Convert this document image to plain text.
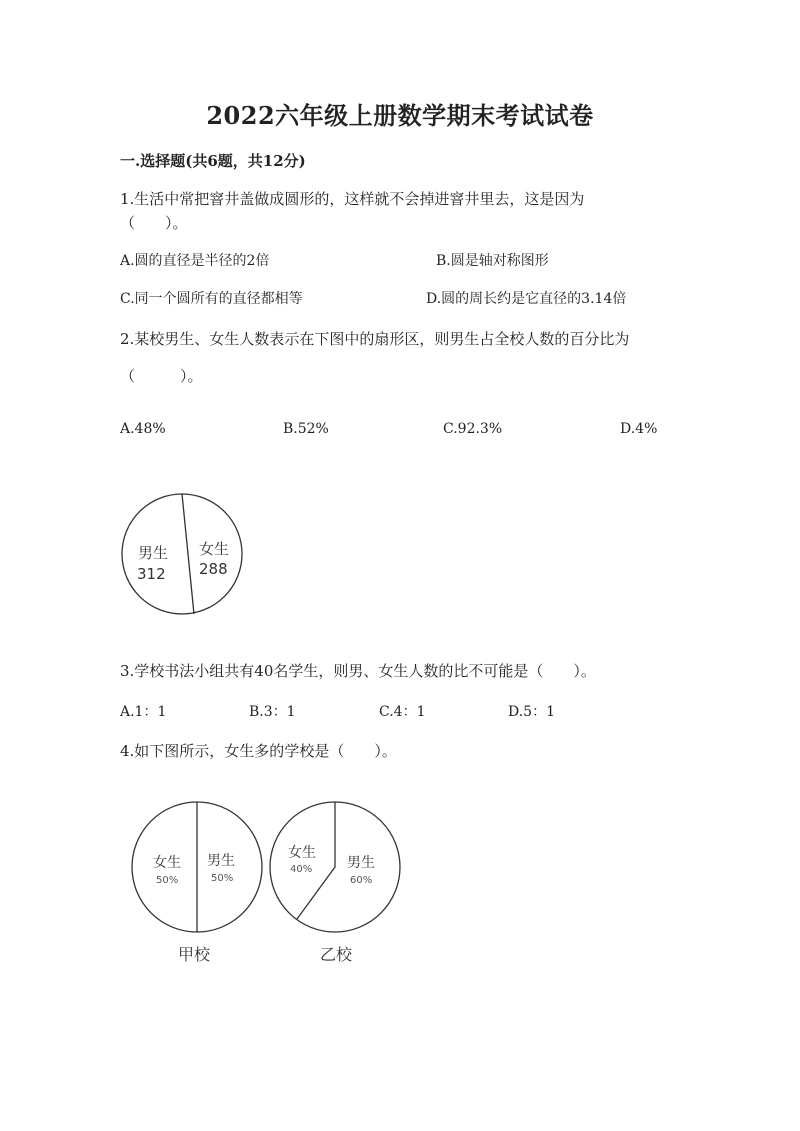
2022六年级上册数学期末考试试卷
一.选择题(共6题，共12分)
1.生活中常把窨井盖做成圆形的，这样就不会掉进窨井里去，这是因为
（　　）。
A.圆的直径是半径的2倍	B.圆是轴对称图形
C.同一个圆所有的直径都相等	D.圆的周长约是它直径的3.14倍
2.某校男生、女生人数表示在下图中的扇形区，则男生占全校人数的百分比为
（　　　）。
A.48%	B.52%	C.92.3%	D.4%
男生
312
女生
288
3.学校书法小组共有40名学生，则男、女生人数的比不可能是（　　）。
A.1：1	B.3：1	C.4：1	D.5：1
4.如下图所示，女生多的学校是（　　）。
女生
50%
男生
50%
甲校
女生
40% 男生
60%
乙校
